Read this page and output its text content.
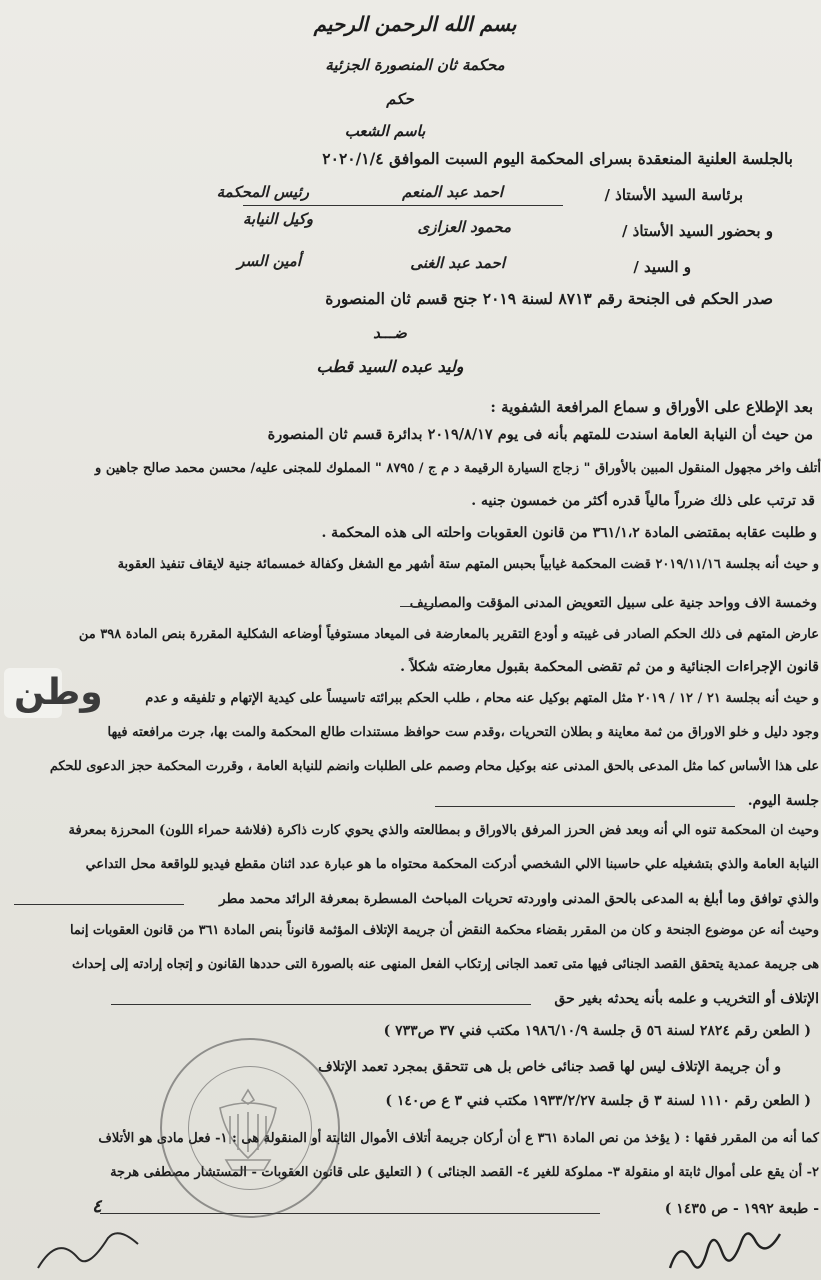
بسم الله الرحمن الرحيم
محكمة ثان المنصورة الجزئية
حكم
باسم الشعب
بالجلسة العلنية المنعقدة بسراى المحكمة اليوم السبت الموافق ٢٠٢٠/١/٤
برئاسة السيد الأستاذ /
احمد عبد المنعم
رئيس المحكمة
و بحضور السيد الأستاذ /
محمود العزازى
وكيل النيابة
و السيد /
احمد عبد الغنى
أمين السر
صدر الحكم فى الجنحة رقم ٨٧١٣ لسنة ٢٠١٩ جنح قسم ثان المنصورة
ضـــد
وليد عبده السيد قطب
بعد الإطلاع على الأوراق و سماع المرافعة الشفوية :
من حيث أن النيابة العامة اسندت للمتهم بأنه فى يوم ٢٠١٩/٨/١٧ بدائرة قسم ثان المنصورة
أتلف واخر مجهول المنقول المبين بالأوراق " زجاج السيارة الرقيمة د م ج / ٨٧٩٥ " المملوك للمجنى عليه/ محسن محمد صالح جاهين و
قد ترتب على ذلك ضرراً مالياً قدره أكثر من خمسون جنيه .
و طلبت عقابه بمقتضى المادة ٣٦١/١،٢ من قانون العقوبات واحلته الى هذه المحكمة .
و حيث أنه بجلسة ٢٠١٩/١١/١٦ قضت المحكمة غيابياً بحبس المتهم ستة أشهر مع الشغل وكفالة خمسمائة جنية لايقاف تنفيذ العقوبة
وخمسة الاف وواحد جنية على سبيل التعويض المدنى المؤقت والمصاريف
عارض المتهم فى ذلك الحكم الصادر فى غيبته و أودع التقرير بالمعارضة فى الميعاد مستوفياً أوضاعه الشكلية المقررة بنص المادة ٣٩٨ من
قانون الإجراءات الجنائية و من ثم تقضى المحكمة بقبول معارضته شكلاً .
و حيث أنه بجلسة ٢١ / ١٢ / ٢٠١٩ مثل المتهم بوكيل عنه محام ، طلب الحكم ببرائته تاسيساً على كيدية الإتهام و تلفيقه و عدم
وجود دليل و خلو الاوراق من ثمة معاينة و بطلان التحريات ،وقدم ست حوافظ مستندات طالع المحكمة والمت بها، جرت مرافعته فيها
على هذا الأساس كما مثل المدعى بالحق المدنى عنه بوكيل محام وصمم على الطلبات وانضم للنيابة العامة ، وقررت المحكمة حجز الدعوى للحكم
جلسة اليوم.
وحيث ان المحكمة تنوه الي أنه وبعد فض الحرز المرفق بالاوراق و بمطالعته والذي يحوي كارت ذاكرة (فلاشة حمراء اللون) المحرزة بمعرفة
النيابة العامة والذي بتشغيله علي حاسبنا الالي الشخصي أدركت المحكمة محتواه ما هو عبارة عدد اثنان مقطع فيديو للواقعة محل التداعي
والذي توافق وما أبلغ به المدعى بالحق المدنى واوردته تحريات المباحث المسطرة بمعرفة الرائد محمد مطر
وحيث أنه عن موضوع الجنحة و كان من المقرر بقضاء محكمة النقض أن جريمة الإتلاف المؤثمة قانوناً بنص المادة ٣٦١ من قانون العقوبات إنما
هى جريمة عمدية يتحقق القصد الجنائى فيها متى تعمد الجانى إرتكاب الفعل المنهى عنه بالصورة التى حددها القانون و إتجاه إرادته إلى إحداث
الإتلاف أو التخريب و علمه بأنه يحدثه بغير حق
( الطعن رقم ٢٨٢٤ لسنة ٥٦ ق جلسة ١٩٨٦/١٠/٩ مكتب فني ٣٧ ص٧٣٣ )
و أن جريمة الإتلاف ليس لها قصد جنائى خاص بل هى تتحقق بمجرد تعمد الإتلاف
( الطعن رقم ١١١٠ لسنة ٣ ق جلسة ١٩٣٣/٢/٢٧ مكتب فني ٣ ع ص١٤٠ )
كما أنه من المقرر فقها : ( يؤخذ من نص المادة ٣٦١ ع أن أركان جريمة أتلاف الأموال الثابتة أو المنقولة هى : ١- فعل مادى هو الأتلاف
٢- أن يقع على أموال ثابتة او منقولة ٣- مملوكة للغير ٤- القصد الجنائى ) ( التعليق على قانون العقوبات - المستشار مصطفى هرجة
- طبعة ١٩٩٢ - ص ١٤٣٥ )
٤
وطن
